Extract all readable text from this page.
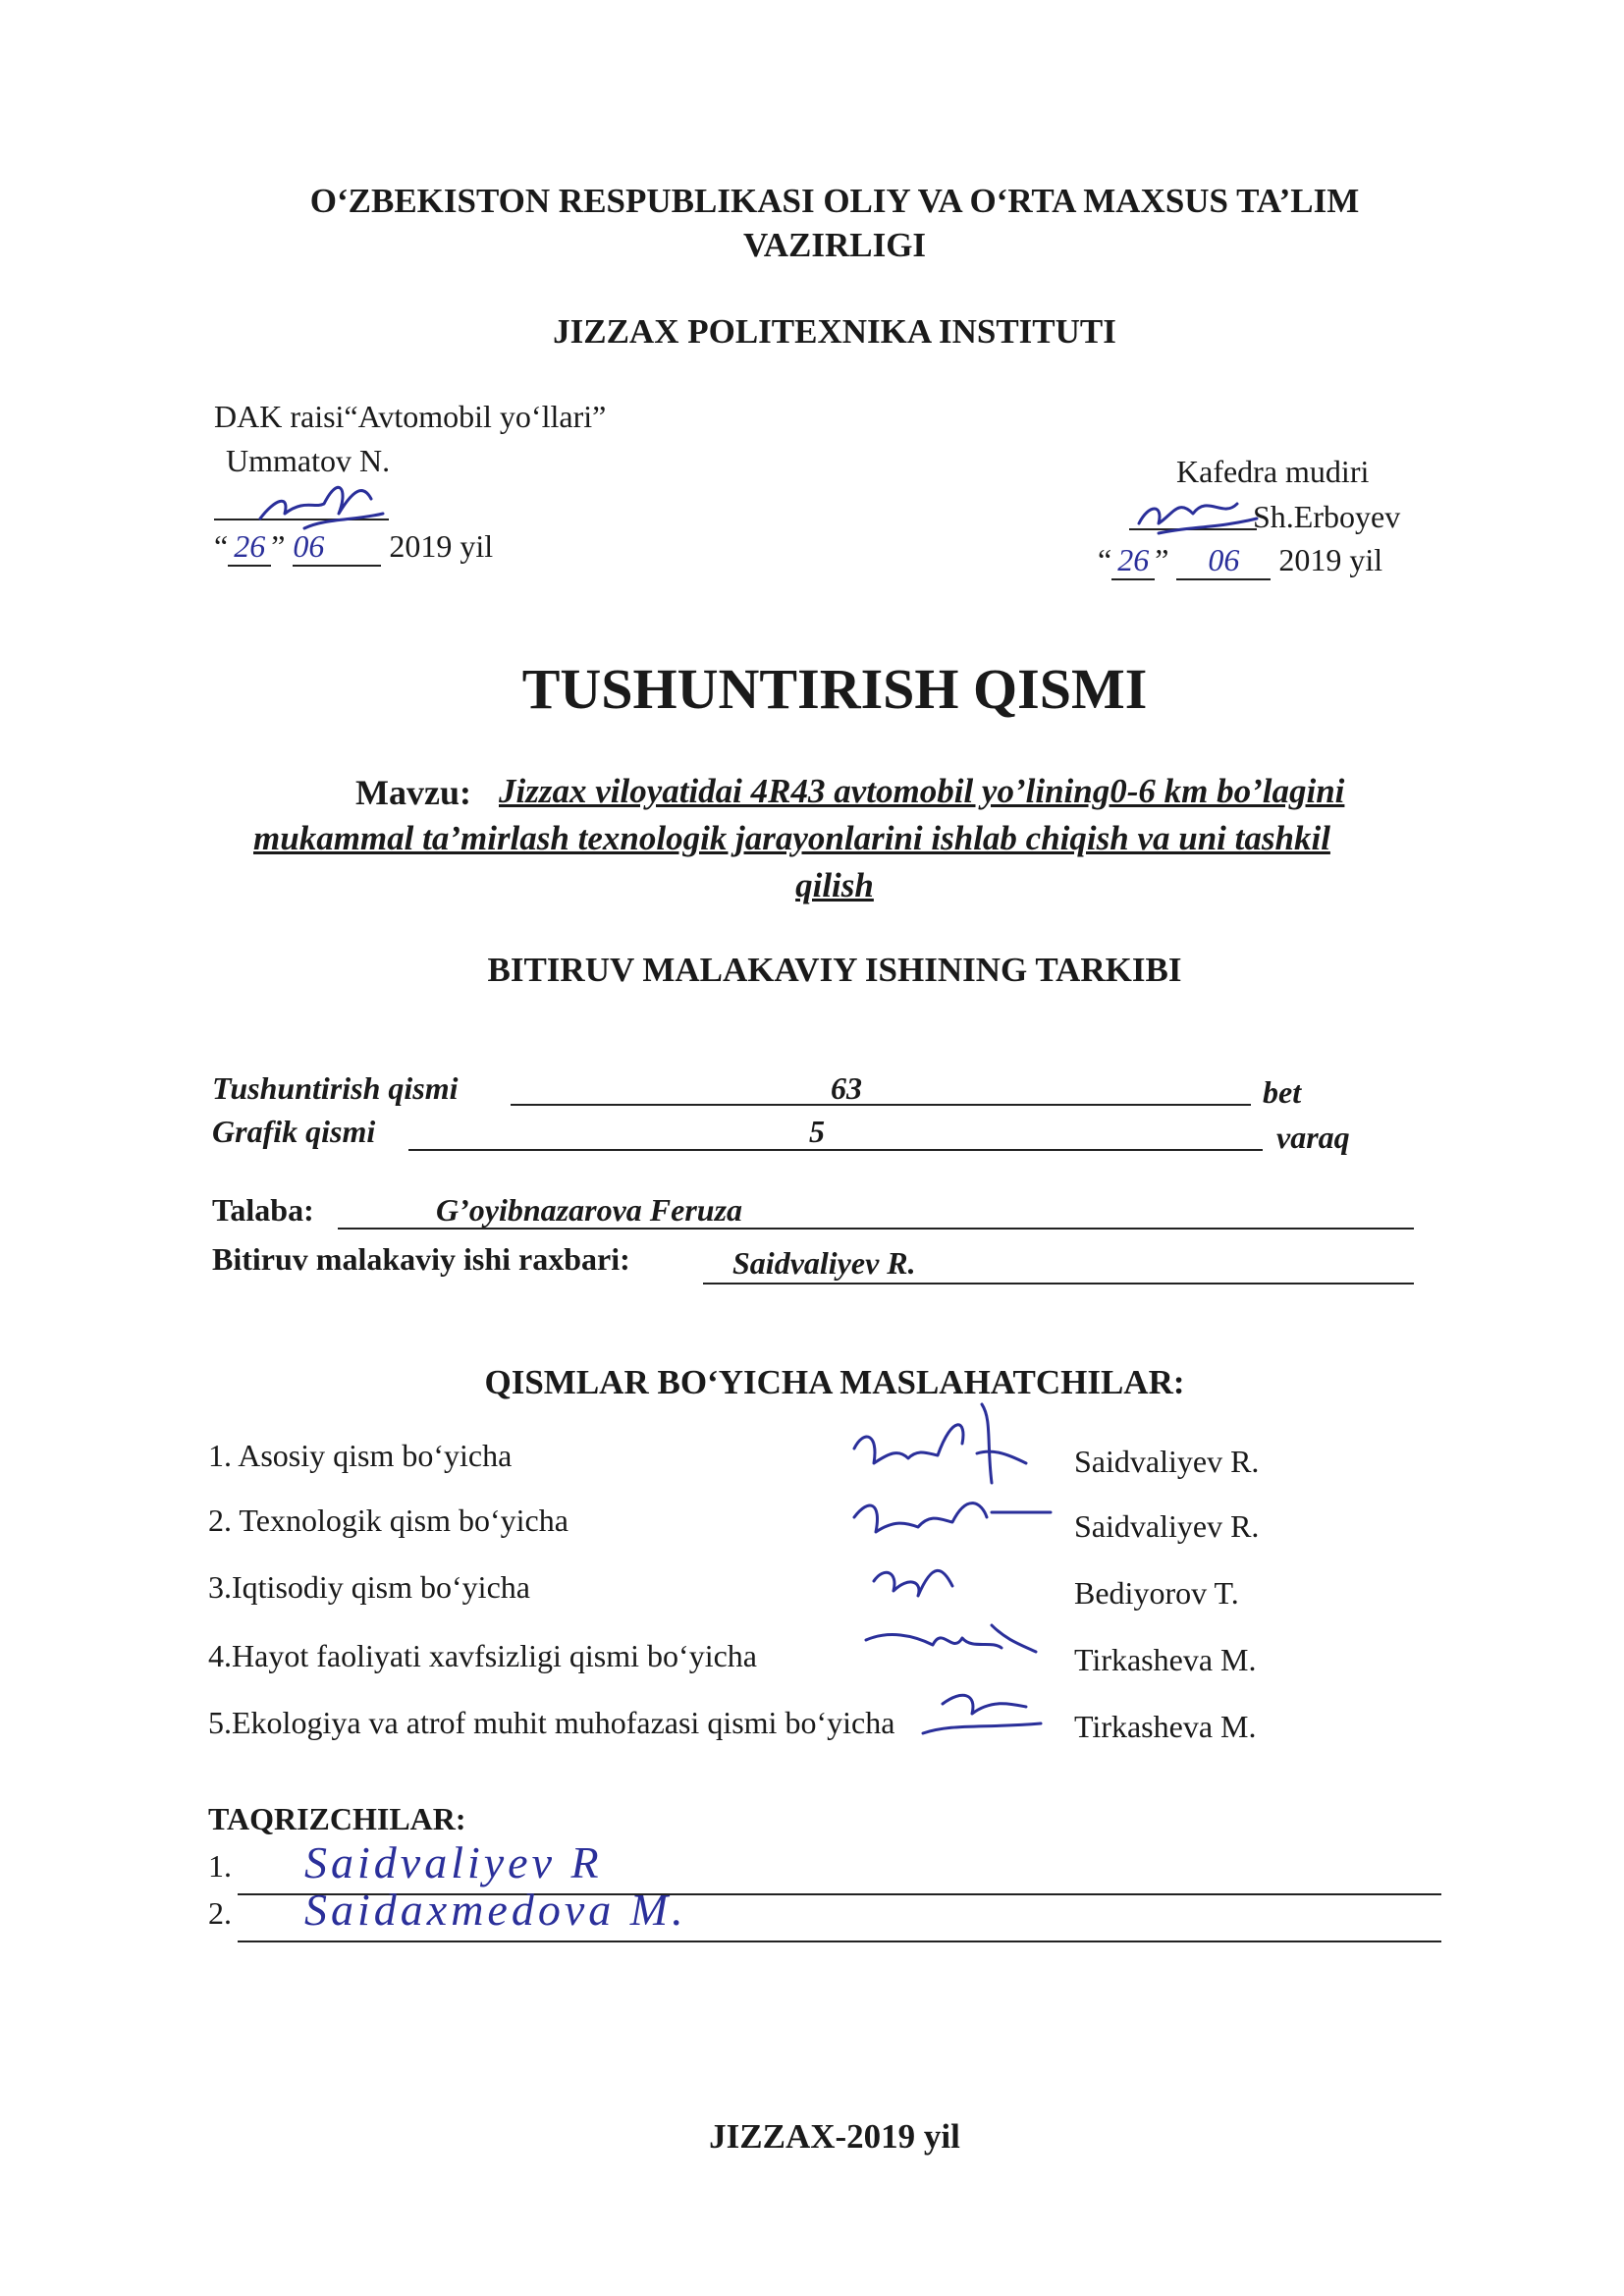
O‘ZBEKISTON RESPUBLIKASI OLIY VA O‘RTA MAXSUS TA’LIM
VAZIRLIGI
JIZZAX POLITEXNIKA INSTITUTI
DAK raisi“Avtomobil yo‘llari”
Ummatov N.
“ 26 ” 06 2019 yil
Kafedra mudiri
Sh.Erboyev
“ 26 ” 06 2019 yil
TUSHUNTIRISH QISMI
Mavzu: Jizzax viloyatidai 4R43 avtomobil yo’lining0-6 km bo’lagini
mukammal ta’mirlash texnologik jarayonlarini ishlab chiqish va uni tashkil
qilish
BITIRUV MALAKAVIY ISHINING TARKIBI
Tushuntirish qismi	63	bet
Grafik qismi	5	varaq
Talaba:	G’oyibnazarova Feruza
Bitiruv malakaviy ishi raxbari:	Saidvaliyev R.
QISMLAR BO‘YICHA MASLAHATCHILAR:
1. Asosiy qism bo‘yicha	Saidvaliyev R.
2. Texnologik qism bo‘yicha	Saidvaliyev R.
3.Iqtisodiy qism bo‘yicha	Bediyorov T.
4.Hayot faoliyati xavfsizligi qismi bo‘yicha	Tirkasheva M.
5.Ekologiya va atrof muhit muhofazasi qismi bo‘yicha	Tirkasheva M.
TAQRIZCHILAR:
1. Saidvaliyev R
2. Saidaxmedova M.
JIZZAX-2019 yil
